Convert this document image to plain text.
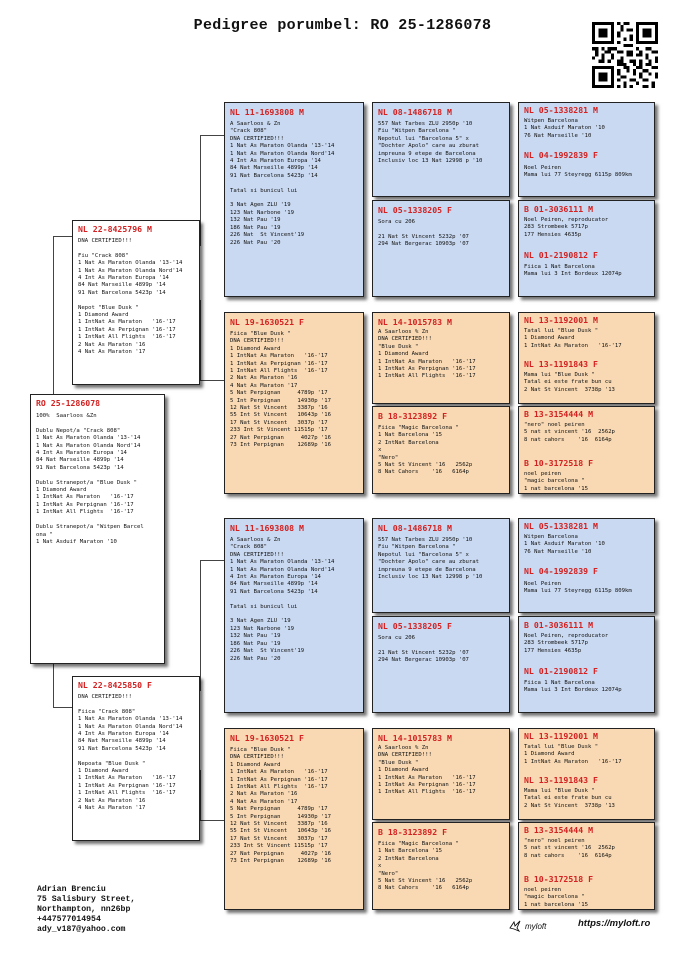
Pedigree porumbel: RO 25-1286078
RO 25-1286078
100%  Saarloos &Zn

Dublu Nepot/a "Crack 808"
1 Nat As Maraton Olanda '13-'14
1 Nat As Maraton Olanda Nord'14
4 Int As Maraton Europa '14
84 Nat Marseille 4899p '14
91 Nat Barcelona 5423p '14

Dublu Stranepot/a "Blue Dusk "
1 Diamond Award
1 IntNat As Maraton   '16-'17
1 IntNat As Perpignan '16-'17
1 IntNat All Flights  '16-'17

Dublu Stranepot/a "Witpen Barcel
ona "
1 Nat Asduif Maraton '10
NL 22-8425796 M
DNA CERTIFIED!!!

Fiu "Crack 808"
1 Nat As Maraton Olanda '13-'14
1 Nat As Maraton Olanda Nord'14
4 Int As Maraton Europa '14
84 Nat Marseille 4899p '14
91 Nat Barcelona 5423p '14

Nepot "Blue Dusk "
1 Diamond Award
1 IntNat As Maraton   '16-'17
1 IntNat As Perpignan '16-'17
1 IntNat All Flights  '16-'17
2 Nat As Maraton '16
4 Nat As Maraton '17
NL 22-8425850 F
DNA CERTIFIED!!!

Fiica "Crack 808"
1 Nat As Maraton Olanda '13-'14
1 Nat As Maraton Olanda Nord'14
4 Int As Maraton Europa '14
84 Nat Marseille 4899p '14
91 Nat Barcelona 5423p '14

Nepoata "Blue Dusk "
1 Diamond Award
1 IntNat As Maraton   '16-'17
1 IntNat As Perpignan '16-'17
1 IntNat All Flights  '16-'17
2 Nat As Maraton '16
4 Nat As Maraton '17
NL 11-1693808 M
A Saarloos & Zn
"Crack 808"
DNA CERTIFIED!!!
1 Nat As Maraton Olanda '13-'14
1 Nat As Maraton Olanda Nord'14
4 Int As Maraton Europa '14
84 Nat Marseille 4899p '14
91 Nat Barcelona 5423p '14

Tatal si bunicul lui

3 Nat Agen ZLU '19
123 Nat Narbone '19
132 Nat Pau '19
186 Nat Pau '19
226 Nat  St Vincent'19
226 Nat Pau '20
NL 19-1630521 F
Fiica "Blue Dusk "
DNA CERTIFIED!!!
1 Diamond Award
1 IntNat As Maraton   '16-'17
1 IntNat As Perpignan '16-'17
1 IntNat All Flights  '16-'17
2 Nat As Maraton '16
4 Nat As Maraton '17
5 Nat Perpignan     4789p '17
5 Int Perpignan     14930p '17
12 Nat St Vincent   3387p '16
55 Int St Vincent   10643p '16
17 Nat St Vincent   3037p '17
233 Int St Vincent 11515p '17
27 Nat Perpignan     4027p '16
73 Int Perpignan    12689p '16
NL 11-1693808 M
A Saarloos & Zn
"Crack 808"
DNA CERTIFIED!!!
1 Nat As Maraton Olanda '13-'14
1 Nat As Maraton Olanda Nord'14
4 Int As Maraton Europa '14
84 Nat Marseille 4899p '14
91 Nat Barcelona 5423p '14

Tatal si bunicul lui

3 Nat Agen ZLU '19
123 Nat Narbone '19
132 Nat Pau '19
186 Nat Pau '19
226 Nat  St Vincent'19
226 Nat Pau '20
NL 19-1630521 F
Fiica "Blue Dusk "
DNA CERTIFIED!!!
1 Diamond Award
1 IntNat As Maraton   '16-'17
1 IntNat As Perpignan '16-'17
1 IntNat All Flights  '16-'17
2 Nat As Maraton '16
4 Nat As Maraton '17
5 Nat Perpignan     4789p '17
5 Int Perpignan     14930p '17
12 Nat St Vincent   3387p '16
55 Int St Vincent   10643p '16
17 Nat St Vincent   3037p '17
233 Int St Vincent 11515p '17
27 Nat Perpignan     4027p '16
73 Int Perpignan    12689p '16
NL 08-1486718 M
557 Nat Tarbes ZLU 2950p '10
Fiu "Witpen Barcelona "
Nepotul lui "Barcelona 5" x
"Dochter Apolo" care au zburat
impreuna 9 etepe de Barcelona
Inclusiv loc 13 Nat 12998 p '10
NL 05-1338205 F
Sora cu 206

21 Nat St Vincent 5232p '07
294 Nat Bergerac 10903p '07
NL 14-1015783 M
A Saarloos % Zn
DNA CERTIFIED!!!
"Blue Dusk "
1 Diamond Award
1 IntNat As Maraton   '16-'17
1 IntNat As Perpignan '16-'17
1 IntNat All Flights  '16-'17
B 18-3123892 F
Fiica "Magic Barcelona "
1 Nat Barcelona '15
2 IntNat Barcelona
x
"Nero"
5 Nat St Vincent '16   2562p
8 Nat Cahors    '16   6164p
NL 08-1486718 M
557 Nat Tarbes ZLU 2950p '10
Fiu "Witpen Barcelona "
Nepotul lui "Barcelona 5" x
"Dochter Apolo" care au zburat
impreuna 9 etepe de Barcelona
Inclusiv loc 13 Nat 12998 p '10
NL 05-1338205 F
Sora cu 206

21 Nat St Vincent 5232p '07
294 Nat Bergerac 10903p '07
NL 14-1015783 M
A Saarloos % Zn
DNA CERTIFIED!!!
"Blue Dusk "
1 Diamond Award
1 IntNat As Maraton   '16-'17
1 IntNat As Perpignan '16-'17
1 IntNat All Flights  '16-'17
B 18-3123892 F
Fiica "Magic Barcelona "
1 Nat Barcelona '15
2 IntNat Barcelona
x
"Nero"
5 Nat St Vincent '16   2562p
8 Nat Cahors    '16   6164p
NL 05-1338281 M
Witpen Barcelona
1 Nat Asduif Maraton '10
76 Nat Marseille '10
NL 04-1992839 F
Noel Peiren
Mama lui 77 Steyregg 6115p 809km
B 01-3036111 M
Noel Peiren, reproducator
283 Strombeek 5717p
177 Hensies 4635p
NL 01-2190812 F
Fiica 1 Nat Barcelona
Mama lui 3 Int Bordeux 12074p
NL 13-1192001 M
Tatal lui "Blue Dusk "
1 Diamond Award
1 IntNat As Maraton   '16-'17
NL 13-1191843 F
Mama lui "Blue Dusk "
Tatal ei este frate bun cu
2 Nat St Vincent  3738p '13
B 13-3154444 M
"nero" noel peiren
5 nat st vincent '16  2562p
8 nat cahors    '16  6164p
B 10-3172518 F
noel peiren
"magic barcelona "
1 nat barcelona '15
NL 05-1338281 M
Witpen Barcelona
1 Nat Asduif Maraton '10
76 Nat Marseille '10
NL 04-1992839 F
Noel Peiren
Mama lui 77 Steyregg 6115p 809km
B 01-3036111 M
Noel Peiren, reproducator
283 Strombeek 5717p
177 Hensies 4635p
NL 01-2190812 F
Fiica 1 Nat Barcelona
Mama lui 3 Int Bordeux 12074p
NL 13-1192001 M
Tatal lui "Blue Dusk "
1 Diamond Award
1 IntNat As Maraton   '16-'17
NL 13-1191843 F
Mama lui "Blue Dusk "
Tatal ei este frate bun cu
2 Nat St Vincent  3738p '13
B 13-3154444 M
"nero" noel peiren
5 nat st vincent '16  2562p
8 nat cahors    '16  6164p
B 10-3172518 F
noel peiren
"magic barcelona "
1 nat barcelona '15
Adrian Brenciu
75 Salisbury Street,
Northampton, nn26bp
+447577014954
ady_v187@yahoo.com	myloft	https://myloft.ro
